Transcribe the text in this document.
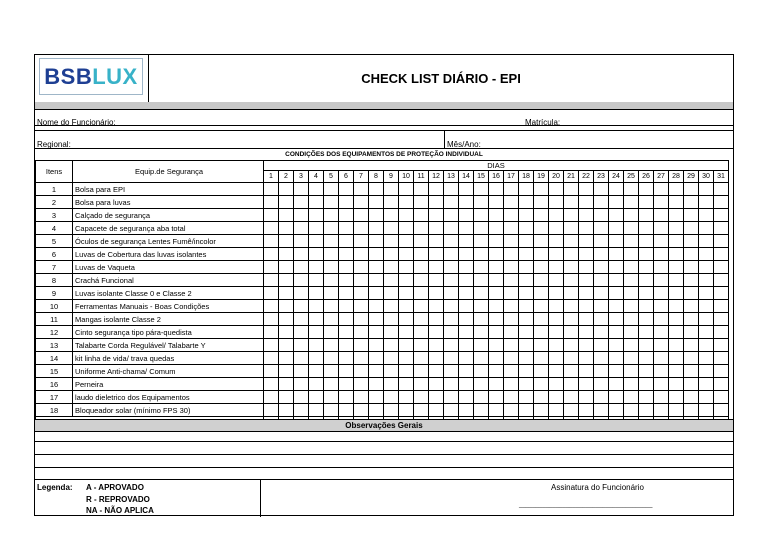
BSB LUX	CHECK LIST DIÁRIO - EPI
Nome do Funcionário:	Matrícula:
Regional:	Mês/Ano:
CONDIÇÕES DOS EQUIPAMENTOS DE PROTEÇÃO INDIVIDUAL
Itens	Equip.de Segurança	DIAS																														
		1	2	3	4	5	6	7	8	9	10	11	12	13	14	15	16	17	18	19	20	21	22	23	24	25	26	27	28	29	30	31
1	Bolsa para EPI																															
2	Bolsa para luvas																															
3	Calçado de segurança																															
4	Capacete de segurança aba total																															
5	Óculos de segurança Lentes Fumê/incolor																															
6	Luvas de Cobertura das luvas isolantes																															
7	Luvas de Vaqueta																															
8	Crachá Funcional																															
9	Luvas isolante Classe 0 e Classe 2																															
10	Ferramentas Manuais - Boas Condições																															
11	Mangas isolante Classe 2																															
12	Cinto segurança tipo pára-quedista																															
13	Talabarte Corda Regulável/ Talabarte Y																															
14	kit linha de vida/ trava quedas																															
15	Uniforme Anti-chama/ Comum																															
16	Perneira																															
17	laudo dieletrico dos Equipamentos																															
18	Bloqueador solar (mínimo FPS 30)																															

Observações Gerais
Legenda: A - APROVADO
R - REPROVADO
NA - NÃO APLICA
Assinatura do Funcionário
________________________________________
